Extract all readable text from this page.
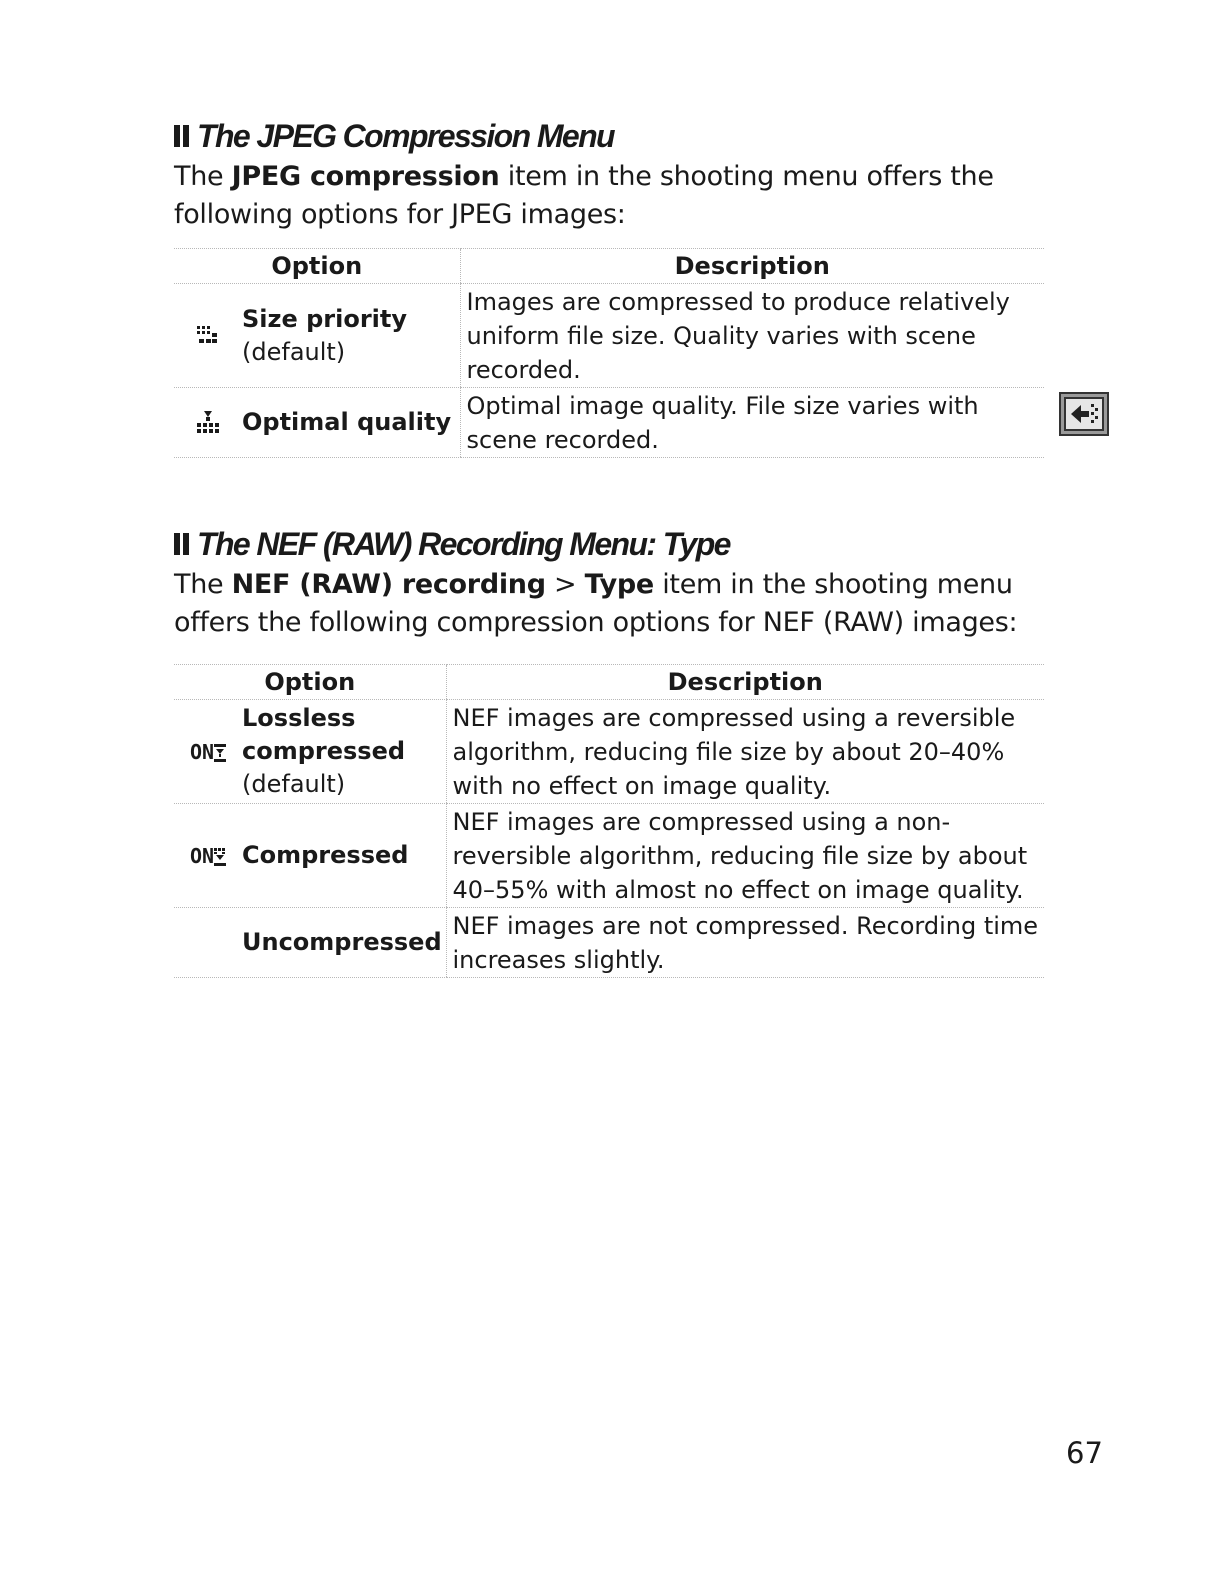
The JPEG Compression Menu

The JPEG compression item in the shooting menu offers the following options for JPEG images:

Option	Description

Size priority
(default)	Images are compressed to produce relatively uniform file size. Quality varies with scene recorded.

Optimal quality	Optimal image quality. File size varies with scene recorded.
The NEF (RAW) Recording Menu: Type

The NEF (RAW) recording > Type item in the shooting menu offers the following compression options for NEF (RAW) images:

Option	Description

ON
Lossless
compressed
(default)	NEF images are compressed using a reversible algorithm, reducing file size by about 20–40% with no effect on image quality.

ON Compressed	NEF images are compressed using a non-reversible algorithm, reducing file size by about 40–55% with almost no effect on image quality.

Uncompressed	NEF images are not compressed. Recording time increases slightly.
67
